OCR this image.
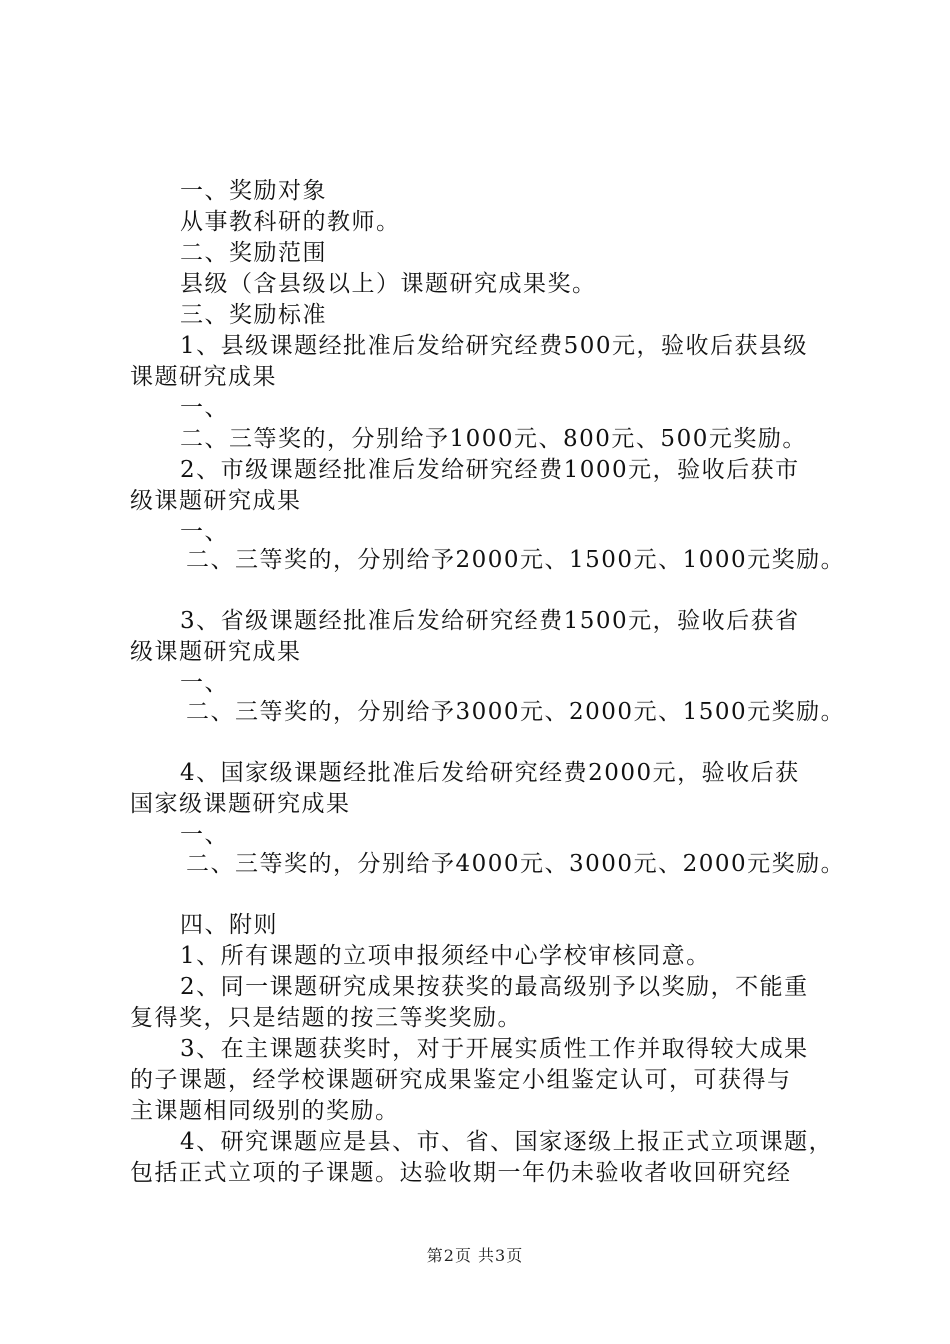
一、奖励对象
从事教科研的教师。
二、奖励范围
县级（含县级以上）课题研究成果奖。
三、奖励标准
1、县级课题经批准后发给研究经费500元，验收后获县级
课题研究成果
一、
二、三等奖的，分别给予1000元、800元、500元奖励。
2、市级课题经批准后发给研究经费1000元，验收后获市
级课题研究成果
一、
二、三等奖的，分别给予2000元、1500元、1000元奖励。
3、省级课题经批准后发给研究经费1500元，验收后获省
级课题研究成果
一、
二、三等奖的，分别给予3000元、2000元、1500元奖励。
4、国家级课题经批准后发给研究经费2000元，验收后获
国家级课题研究成果
一、
二、三等奖的，分别给予4000元、3000元、2000元奖励。
四、附则
1、所有课题的立项申报须经中心学校审核同意。
2、同一课题研究成果按获奖的最高级别予以奖励，不能重
复得奖，只是结题的按三等奖奖励。
3、在主课题获奖时，对于开展实质性工作并取得较大成果
的子课题，经学校课题研究成果鉴定小组鉴定认可，可获得与
主课题相同级别的奖励。
4、研究课题应是县、市、省、国家逐级上报正式立项课题，
包括正式立项的子课题。达验收期一年仍未验收者收回研究经
第2页 共3页
